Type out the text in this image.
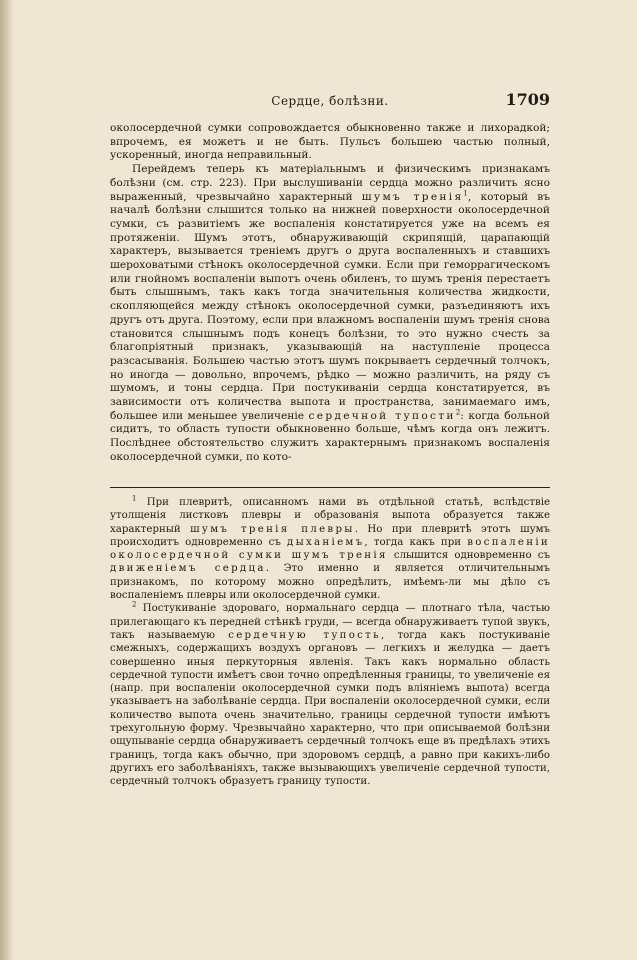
Сердце, болѣзни.	1709

околосердечной сумки сопровождается обыкновенно также и лихорадкой; впрочемъ, ея можетъ и не быть. Пульсъ большею частью полный, ускоренный, иногда неправильный.

Перейдемъ теперь къ матеріальнымъ и физическимъ признакамъ болѣзни (см. стр. 223). При выслушиваніи сердца можно различить ясно выраженный, чрезвычайно характерный шумъ тренія$^1$, который въ началѣ болѣзни слышится только на нижней поверхности околосердечной сумки, съ развитіемъ же воспаленія констатируется уже на всемъ ея протяженіи. Шумъ этотъ, обнаруживающій скрипящій, царапающій характеръ, вызывается треніемъ другъ о друга воспаленныхъ и ставшихъ шероховатыми стѣнокъ околосердечной сумки. Если при геморрагическомъ или гнойномъ воспаленіи выпотъ очень обиленъ, то шумъ тренія перестаетъ быть слышнымъ, такъ какъ тогда значительныя количества жидкости, скопляющейся между стѣнокъ околосердечной сумки, разъединяютъ ихъ другъ отъ друга. Поэтому, если при влажномъ воспаленіи шумъ тренія снова становится слышнымъ подъ конецъ болѣзни, то это нужно счесть за благопріятный признакъ, указывающій на наступленіе процесса разсасыванія. Большею частью этотъ шумъ покрываетъ сердечный толчокъ, но иногда — довольно, впрочемъ, рѣдко — можно различить, на ряду съ шумомъ, и тоны сердца. При постукиваніи сердца констатируется, въ зависимости отъ количества выпота и пространства, занимаемаго имъ, большее или меньшее увеличеніе сердечной тупости$^2$: когда больной сидитъ, то область тупости обыкновенно больше, чѣмъ когда онъ лежитъ. Послѣднее обстоятельство служитъ характернымъ признакомъ воспаленія околосердечной сумки, по кото-

$^1$ При плевритѣ, описанномъ нами въ отдѣльной статьѣ, вслѣдствіе утолщенія листковъ плевры и образованія выпота образуется также характерный шумъ тренія плевры. Но при плевритѣ этотъ шумъ происходитъ одновременно съ дыханіемъ, тогда какъ при воспаленіи околосердечной сумки шумъ тренія слышится одновременно съ движеніемъ сердца. Это именно и является отличительнымъ признакомъ, по которому можно опредѣлить, имѣемъ-ли мы дѣло съ воспаленіемъ плевры или околосердечной сумки.

$^2$ Постукиваніе здороваго, нормальнаго сердца — плотнаго тѣла, частью прилегающаго къ передней стѣнкѣ груди, — всегда обнаруживаетъ тупой звукъ, такъ называемую сердечную тупость, тогда какъ постукиваніе смежныхъ, содержащихъ воздухъ органовъ — легкихъ и желудка — даетъ совершенно иныя перкуторныя явленія. Такъ какъ нормально область сердечной тупости имѣетъ свои точно опредѣленныя границы, то увеличеніе ея (напр. при воспаленіи околосердечной сумки подъ вліяніемъ выпота) всегда указываетъ на заболѣваніе сердца. При воспаленіи околосердечной сумки, если количество выпота очень значительно, границы сердечной тупости имѣютъ трехугольную форму. Чрезвычайно характерно, что при описываемой болѣзни ощупываніе сердца обнаруживаетъ сердечный толчокъ еще въ предѣлахъ этихъ границъ, тогда какъ обычно, при здоровомъ сердцѣ, а равно при какихъ-либо другихъ его заболѣваніяхъ, также вызывающихъ увеличеніе сердечной тупости, сердечный толчокъ образуетъ границу тупости.
